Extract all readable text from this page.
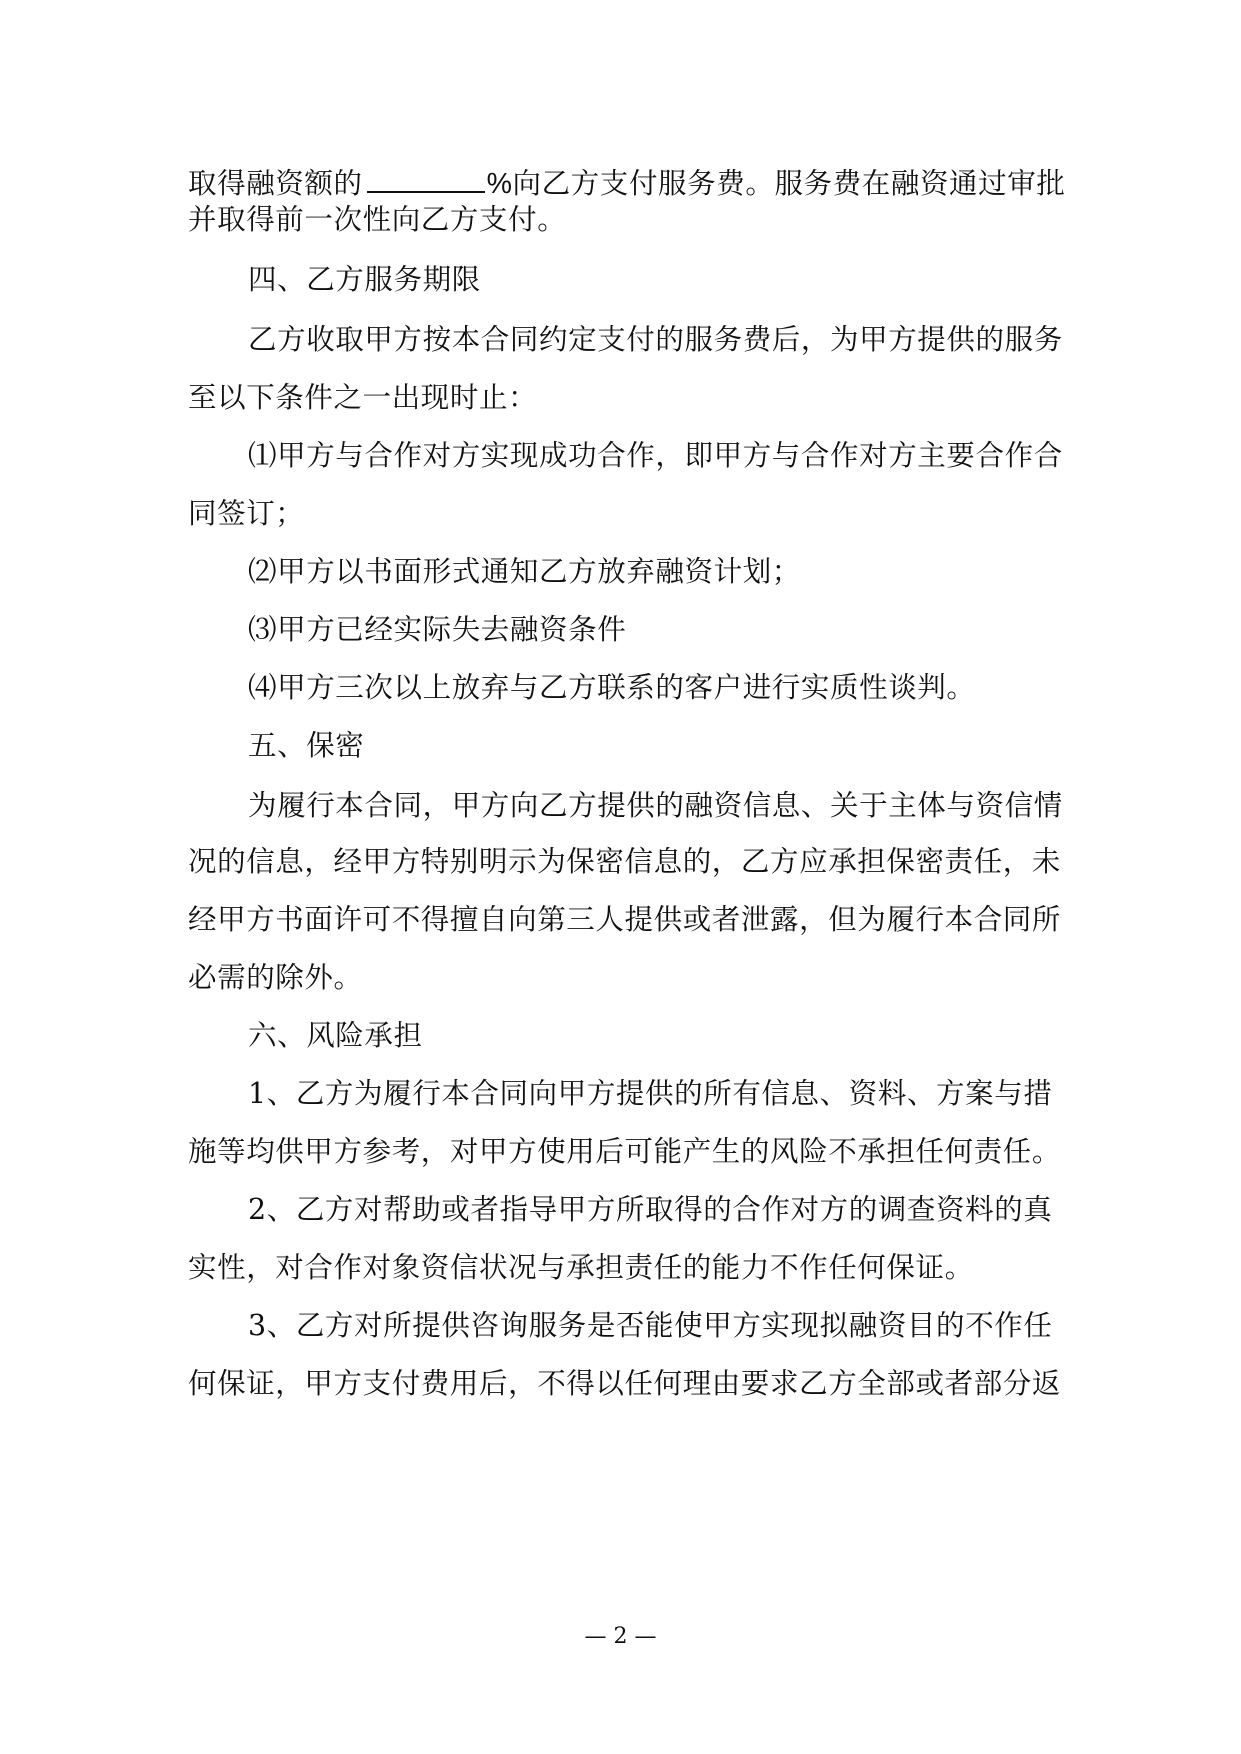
取得融资额的	%向乙方支付服务费。服务费在融资通过审批
并取得前一次性向乙方支付。
四、乙方服务期限
乙方收取甲方按本合同约定支付的服务费后，为甲方提供的服务
至以下条件之一出现时止：
⑴甲方与合作对方实现成功合作，即甲方与合作对方主要合作合
同签订；
⑵甲方以书面形式通知乙方放弃融资计划；
⑶甲方已经实际失去融资条件
⑷甲方三次以上放弃与乙方联系的客户进行实质性谈判。
五、保密
为履行本合同，甲方向乙方提供的融资信息、关于主体与资信情
况的信息，经甲方特别明示为保密信息的，乙方应承担保密责任，未
经甲方书面许可不得擅自向第三人提供或者泄露，但为履行本合同所
必需的除外。
六、风险承担
1、乙方为履行本合同向甲方提供的所有信息、资料、方案与措
施等均供甲方参考，对甲方使用后可能产生的风险不承担任何责任。
2、乙方对帮助或者指导甲方所取得的合作对方的调查资料的真
实性，对合作对象资信状况与承担责任的能力不作任何保证。
3、乙方对所提供咨询服务是否能使甲方实现拟融资目的不作任
何保证，甲方支付费用后，不得以任何理由要求乙方全部或者部分返
— 2 —
